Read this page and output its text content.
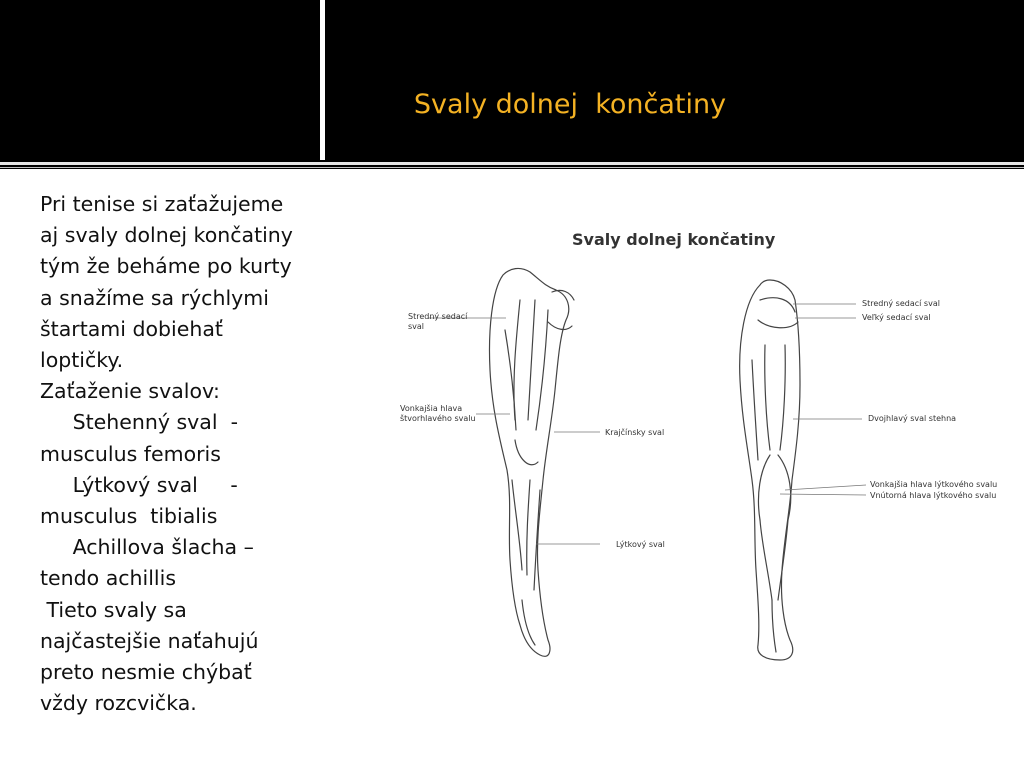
Svaly dolnej  končatiny
Pri tenise si zaťažujeme
aj svaly dolnej končatiny
tým že beháme po kurty
a snažíme sa rýchlymi
štartami dobiehať
loptičky.
Zaťaženie svalov:
Stehenný sval  -
musculus femoris
Lýtkový sval     -
musculus  tibialis
Achillova šlacha –
tendo achillis
Tieto svaly sa
najčastejšie naťahujú
preto nesmie chýbať
vždy rozcvička.
Svaly dolnej končatiny
Stredný sedací
sval
Vonkajšia hlava
štvorhlavého svalu
Krajčínsky sval
Lýtkový sval
Stredný sedací sval
Veľký sedací sval
Dvojhlavý sval stehna
Vonkajšia hlava lýtkového svalu
Vnútorná hlava lýtkového svalu
